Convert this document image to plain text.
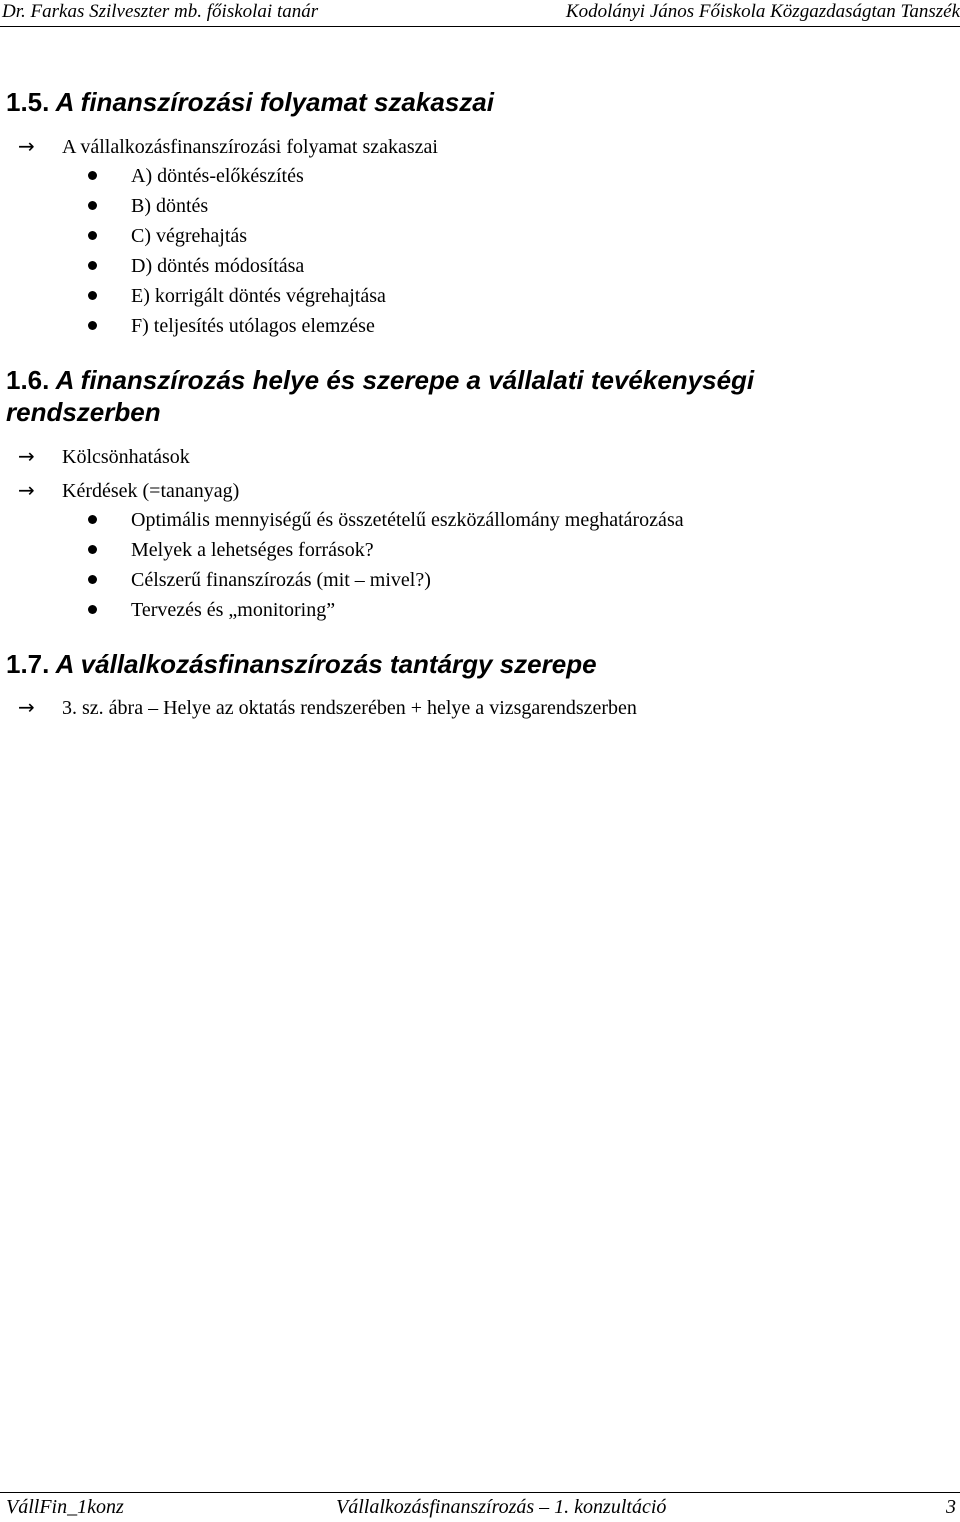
Dr. Farkas Szilveszter mb. főiskolai tanár	Kodolányi János Főiskola Közgazdaságtan Tanszék
1.5. A finanszírozási folyamat szakaszai
→ A vállalkozásfinanszírozási folyamat szakaszai
A) döntés-előkészítés
B) döntés
C) végrehajtás
D) döntés módosítása
E) korrigált döntés végrehajtása
F) teljesítés utólagos elemzése
1.6. A finanszírozás helye és szerepe a vállalati tevékenységi
rendszerben
→ Kölcsönhatások
→ Kérdések (=tananyag)
Optimális mennyiségű és összetételű eszközállomány meghatározása
Melyek a lehetséges források?
Célszerű finanszírozás (mit – mivel?)
Tervezés és „monitoring”
1.7. A vállalkozásfinanszírozás tantárgy szerepe
→ 3. sz. ábra – Helye az oktatás rendszerében + helye a vizsgarendszerben
VállFin_1konz	Vállalkozásfinanszírozás – 1. konzultáció	3
